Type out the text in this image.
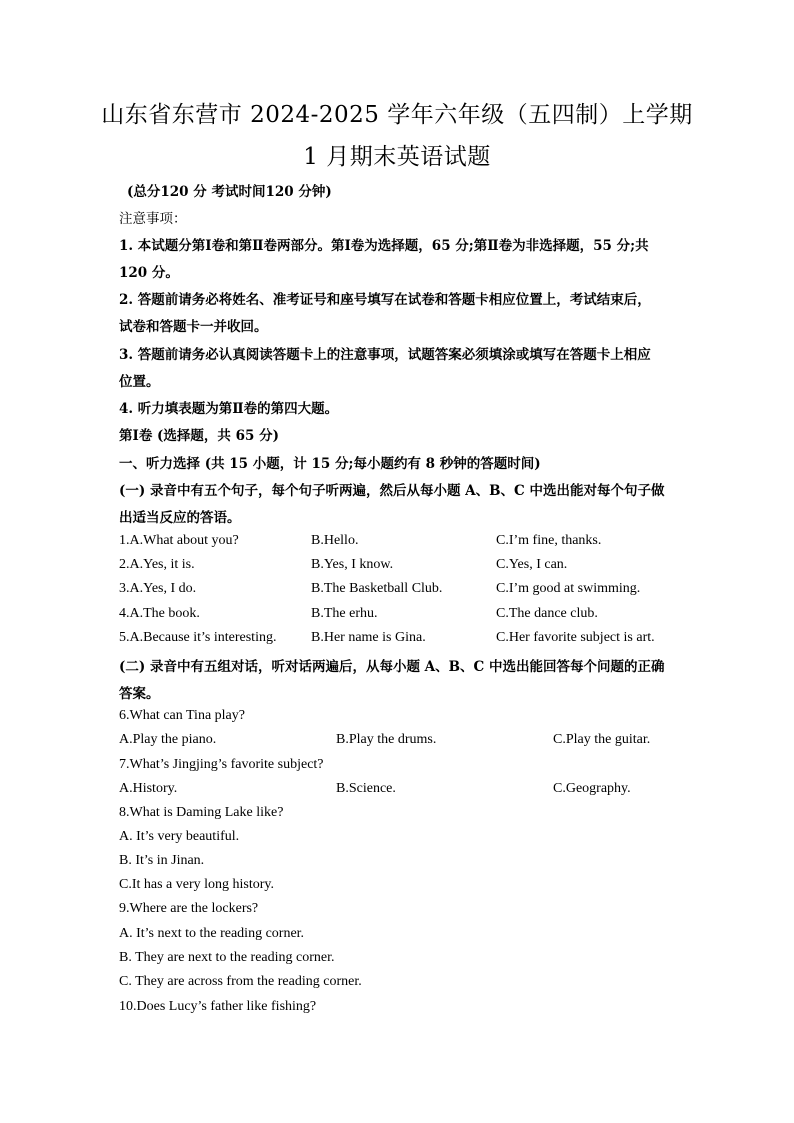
山东省东营市 2024-2025 学年六年级（五四制）上学期
1 月期末英语试题
(总分120 分 考试时间120 分钟)
注意事项：
1. 本试题分第Ⅰ卷和第Ⅱ卷两部分。第Ⅰ卷为选择题，65 分;第Ⅱ卷为非选择题，55 分;共
120 分。
2. 答题前请务必将姓名、准考证号和座号填写在试卷和答题卡相应位置上，考试结束后，
试卷和答题卡一并收回。
3. 答题前请务必认真阅读答题卡上的注意事项，试题答案必须填涂或填写在答题卡上相应
位置。
4. 听力填表题为第Ⅱ卷的第四大题。
第Ⅰ卷 (选择题，共 65 分)
一、听力选择 (共 15 小题，计 15 分;每小题约有 8 秒钟的答题时间)
(一) 录音中有五个句子，每个句子听两遍，然后从每小题 A、B、C 中选出能对每个句子做
出适当反应的答语。
1.A.What about you?	B.Hello.	C.I’m fine, thanks.
2.A.Yes, it is.	B.Yes, I know.	C.Yes, I can.
3.A.Yes, I do.	B.The Basketball Club.	C.I’m good at swimming.
4.A.The book.	B.The erhu.	C.The dance club.
5.A.Because it’s interesting. B.Her name is Gina.	C.Her favorite subject is art.
(二) 录音中有五组对话，听对话两遍后，从每小题 A、B、C 中选出能回答每个问题的正确
答案。
6.What can Tina play?
A.Play the piano.	B.Play the drums.	C.Play the guitar.
7.What’s Jingjing’s favorite subject?
A.History.	B.Science.	C.Geography.
8.What is Daming Lake like?
A. It’s very beautiful.
B. It’s in Jinan.
C.It has a very long history.
9.Where are the lockers?
A. It’s next to the reading corner.
B. They are next to the reading corner.
C. They are across from the reading corner.
10.Does Lucy’s father like fishing?
